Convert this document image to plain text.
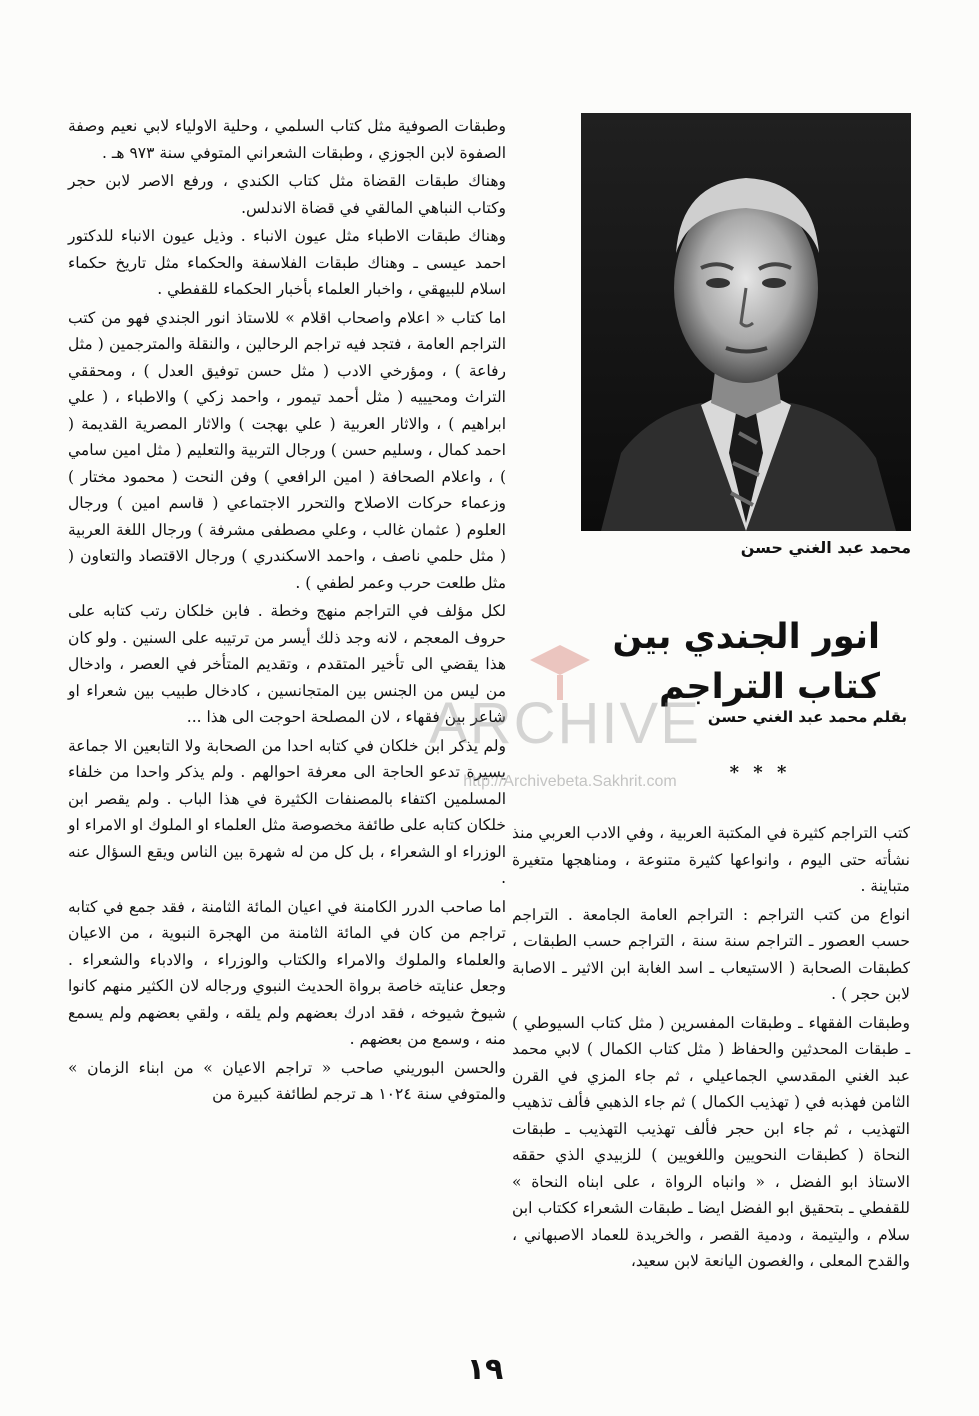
وطبقات الصوفية مثل كتاب السلمي ، وحلية الاولياء لابي نعيم وصفة الصفوة لابن الجوزي ، وطبقات الشعراني المتوفي سنة ٩٧٣ هـ .

وهناك طبقات القضاة مثل كتاب الكندي ، ورفع الاصر لابن حجر وكتاب النباهي المالقي في قضاة الاندلس.

وهناك طبقات الاطباء مثل عيون الانباء . وذيل عيون الانباء للدكتور احمد عيسى ـ وهناك طبقات الفلاسفة والحكماء مثل تاريخ حكماء اسلام للبيهقي ، واخبار العلماء بأخبار الحكماء للقفطي .

اما كتاب « اعلام واصحاب اقلام » للاستاذ انور الجندي فهو من كتب التراجم العامة ، فتجد فيه تراجم الرحالين ، والنقلة والمترجمين ( مثل رفاعة ) ، ومؤرخي الادب ( مثل حسن توفيق العدل ) ، ومحققي التراث ومحيييه ( مثل أحمد تيمور ، واحمد زكي ) والاطباء ، ( علي ابراهيم ) ، والاثار العربية ( علي بهجت ) والاثار المصرية القديمة ( احمد كمال ، وسليم حسن ) ورجال التربية والتعليم ( مثل امين سامي ) ، واعلام الصحافة ( امين الرافعي ) وفن النحت ( محمود مختار ) وزعماء حركات الاصلاح والتحرر الاجتماعي ( قاسم امين ) ورجال العلوم ( عثمان غالب ، وعلي مصطفى مشرفة ) ورجال اللغة العربية ( مثل حلمي ناصف ، واحمد الاسكندري ) ورجال الاقتصاد والتعاون ( مثل طلعت حرب وعمر لطفي ) .

لكل مؤلف في التراجم منهج وخطة . فابن خلكان رتب كتابه على حروف المعجم ، لانه وجد ذلك أيسر من ترتيبه على السنين . ولو كان هذا يقضي الى تأخير المتقدم ، وتقديم المتأخر في العصر ، وادخال من ليس من الجنس بين المتجانسين ، كادخال طبيب بين شعراء او شاعر بين فقهاء ، لان المصلحة احوجت الى هذا ...

ولم يذكر ابن خلكان في كتابه احدا من الصحابة ولا التابعين الا جماعة يسيرة تدعو الحاجة الى معرفة احوالهم . ولم يذكر واحدا من خلفاء المسلمين اكتفاء بالمصنفات الكثيرة في هذا الباب . ولم يقصر ابن خلكان كتابه على طائفة مخصوصة مثل العلماء او الملوك او الامراء او الوزراء او الشعراء ، بل كل من له شهرة بين الناس ويقع السؤال عنه .

اما صاحب الدرر الكامنة في اعيان المائة الثامنة ، فقد جمع في كتابه تراجم من كان في المائة الثامنة من الهجرة النبوية ، من الاعيان والعلماء والملوك والامراء والكتاب والوزراء ، والادباء والشعراء . وجعل عنايته خاصة برواة الحديث النبوي ورجاله لان الكثير منهم كانوا شيوخ شيوخه ، فقد ادرك بعضهم ولم يلقه ، ولقي بعضهم ولم يسمع منه ، وسمع من بعضهم .

والحسن البوريني صاحب « تراجم الاعيان » من ابناء الزمان » والمتوفي سنة ١٠٢٤ هـ ترجم لطائفة كبيرة من

محمد عبد الغني حسن
انور الجندي بين كتاب التراجم
ARCHIVE
http://Archivebeta.Sakhrit.com
بقلم محمد عبد الغني حسن
* * *

كتب التراجم كثيرة في المكتبة العربية ، وفي الادب العربي منذ نشأته حتى اليوم ، وانواعها كثيرة متنوعة ، ومناهجها متغيرة متباينة .

انواع من كتب التراجم : التراجم العامة الجامعة . التراجم حسب العصور ـ التراجم سنة سنة ، التراجم حسب الطبقات ، كطبقات الصحابة ( الاستيعاب ـ اسد الغابة ابن الاثير ـ الاصابة لابن حجر ) .

وطبقات الفقهاء ـ وطبقات المفسرين ( مثل كتاب السيوطي ) ـ طبقات المحدثين والحفاظ ( مثل كتاب الكمال ) لابي محمد عبد الغني المقدسي الجماعيلي ، ثم جاء المزي في القرن الثامن فهذبه في ( تهذيب الكمال ) ثم جاء الذهبي فألف تذهيب التهذيب ، ثم جاء ابن حجر فألف تهذيب التهذيب ـ طبقات النحاة ( كطبقات النحويين واللغويين ) للزبيدي الذي حققه الاستاذ ابو الفضل ، « وانباه الرواة ، على ابناه النحاة » للقفطي ـ بتحقيق ابو الفضل ايضا ـ طبقات الشعراء ككتاب ابن سلام ، واليتيمة ، ودمية القصر ، والخريدة للعماد الاصبهاني ، والقدح المعلى ، والغصون اليانعة لابن سعيد،

١٩
